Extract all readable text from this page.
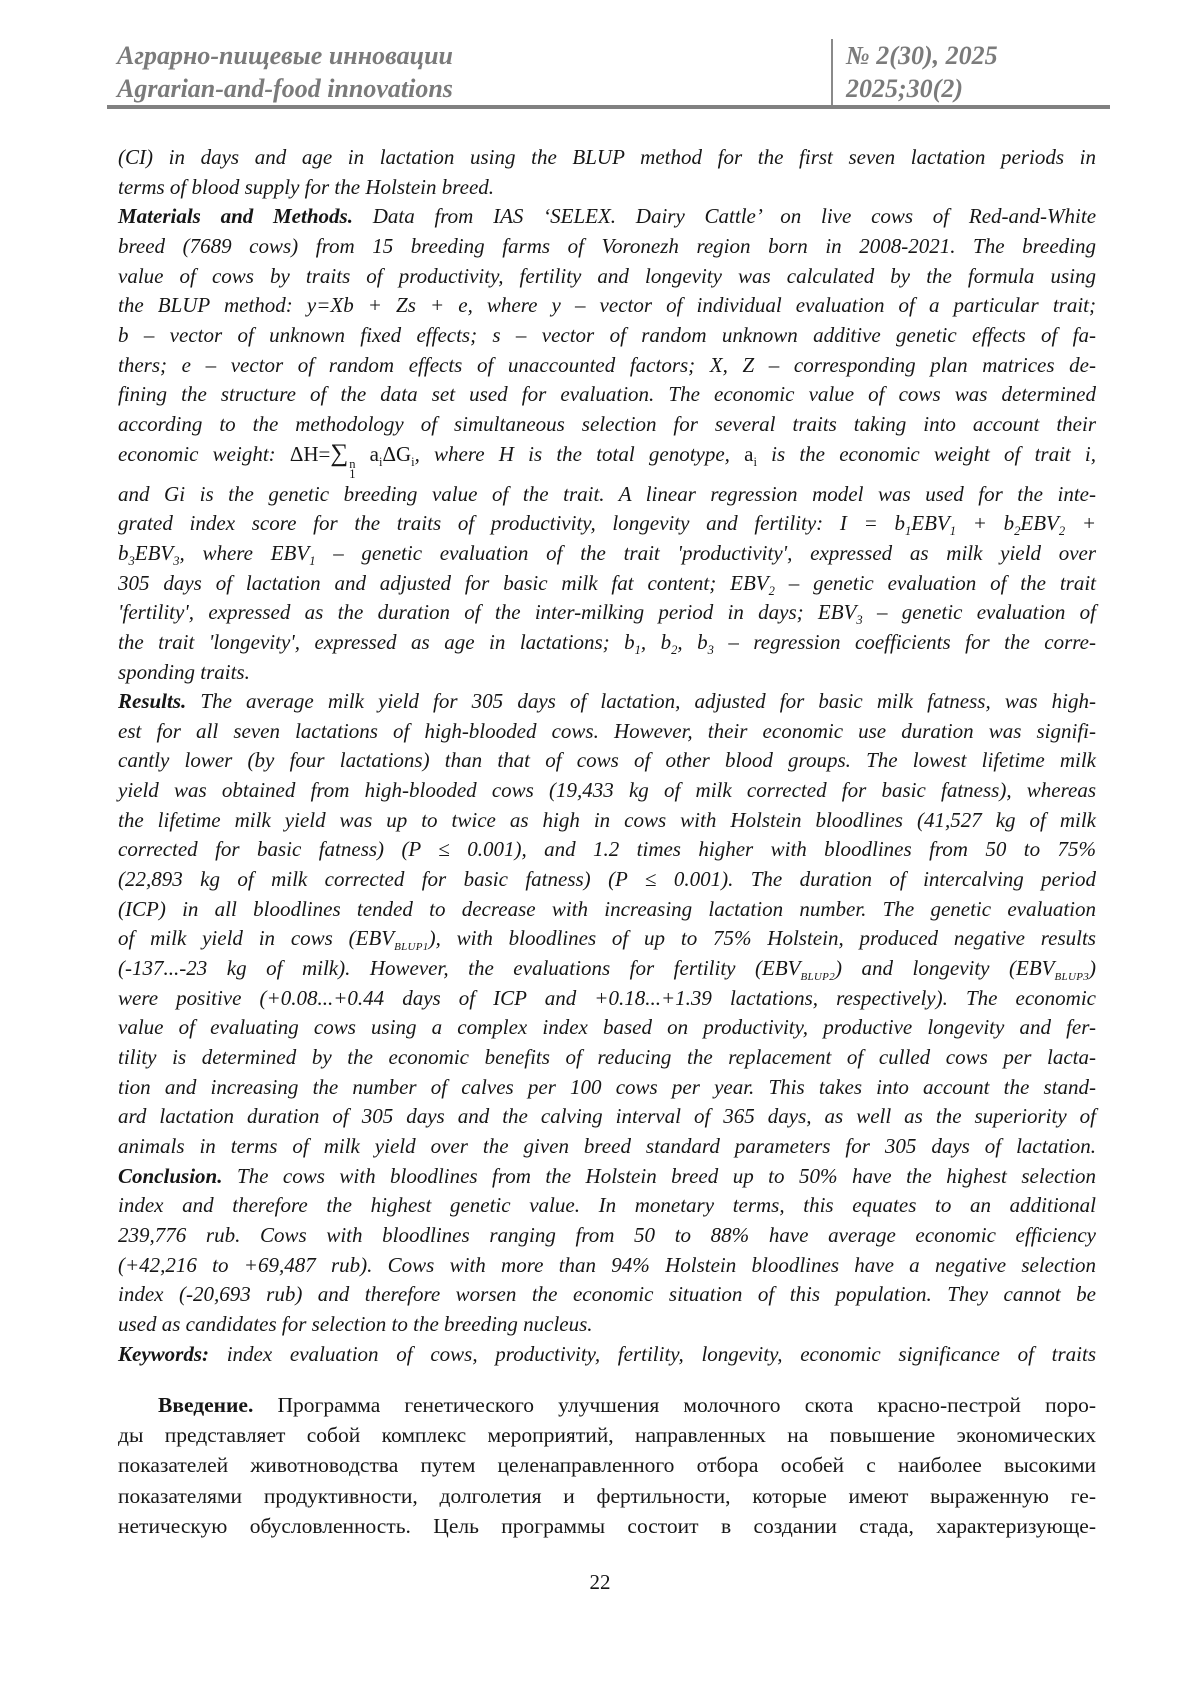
Аграрно-пищевые инновации
Agrarian-and-food innovations
№ 2(30), 2025
2025;30(2)
(CI) in days and age in lactation using the BLUP method for the first seven lactation periods in
terms of blood supply for the Holstein breed.
Materials and Methods. Data from IAS ‘SELEX. Dairy Cattle’ on live cows of Red-and-White
breed (7689 cows) from 15 breeding farms of Voronezh region born in 2008-2021. The breeding
value of cows by traits of productivity, fertility and longevity was calculated by the formula using
the BLUP method: y=Xb + Zs + e, where y – vector of individual evaluation of a particular trait;
b – vector of unknown fixed effects; s – vector of random unknown additive genetic effects of fa-
thers; e – vector of random effects of unaccounted factors; X, Z – corresponding plan matrices de-
fining the structure of the data set used for evaluation. The economic value of cows was determined
according to the methodology of simultaneous selection for several traits taking into account their
economic weight: ΔH=∑ n
1
$a_i\Delta G_i$, where H is the total genotype, $a_i$ is the economic weight of trait i,
and Gi is the genetic breeding value of the trait. A linear regression model was used for the inte-
grated index score for the traits of productivity, longevity and fertility: $I = b_1EBV_1 + b_2EBV_2$ +
$b_3EBV_3$, where $EBV_1$ – genetic evaluation of the trait 'productivity', expressed as milk yield over
305 days of lactation and adjusted for basic milk fat content; $EBV_2$ – genetic evaluation of the trait
'fertility', expressed as the duration of the inter-milking period in days; $EBV_3$ – genetic evaluation of
the trait 'longevity', expressed as age in lactations; $b_1$, $b_2$, $b_3$ – regression coefficients for the corre-
sponding traits.
Results. The average milk yield for 305 days of lactation, adjusted for basic milk fatness, was high-
est for all seven lactations of high-blooded cows. However, their economic use duration was signifi-
cantly lower (by four lactations) than that of cows of other blood groups. The lowest lifetime milk
yield was obtained from high-blooded cows (19,433 kg of milk corrected for basic fatness), whereas
the lifetime milk yield was up to twice as high in cows with Holstein bloodlines (41,527 kg of milk
corrected for basic fatness) (P ≤ 0.001), and 1.2 times higher with bloodlines from 50 to 75%
(22,893 kg of milk corrected for basic fatness) (P ≤ 0.001). The duration of intercalving period
(ICP) in all bloodlines tended to decrease with increasing lactation number. The genetic evaluation
of milk yield in cows $(EBV_{BLUP1})$, with bloodlines of up to 75% Holstein, produced negative results
(-137...-23 kg of milk). However, the evaluations for fertility $(EBV_{BLUP2})$ and longevity $(EBV_{BLUP3})$
were positive (+0.08...+0.44 days of ICP and +0.18...+1.39 lactations, respectively). The economic
value of evaluating cows using a complex index based on productivity, productive longevity and fer-
tility is determined by the economic benefits of reducing the replacement of culled cows per lacta-
tion and increasing the number of calves per 100 cows per year. This takes into account the stand-
ard lactation duration of 305 days and the calving interval of 365 days, as well as the superiority of
animals in terms of milk yield over the given breed standard parameters for 305 days of lactation.
Conclusion. The cows with bloodlines from the Holstein breed up to 50% have the highest selection
index and therefore the highest genetic value. In monetary terms, this equates to an additional
239,776 rub. Cows with bloodlines ranging from 50 to 88% have average economic efficiency
(+42,216 to +69,487 rub). Cows with more than 94% Holstein bloodlines have a negative selection
index (-20,693 rub) and therefore worsen the economic situation of this population. They cannot be
used as candidates for selection to the breeding nucleus.
Keywords: index evaluation of cows, productivity, fertility, longevity, economic significance of traits
Введение. Программа генетического улучшения молочного скота красно-пестрой поро-
ды представляет собой комплекс мероприятий, направленных на повышение экономических
показателей животноводства путем целенаправленного отбора особей с наиболее высокими
показателями продуктивности, долголетия и фертильности, которые имеют выраженную ге-
нетическую обусловленность. Цель программы состоит в создании стада, характеризующе-
22
